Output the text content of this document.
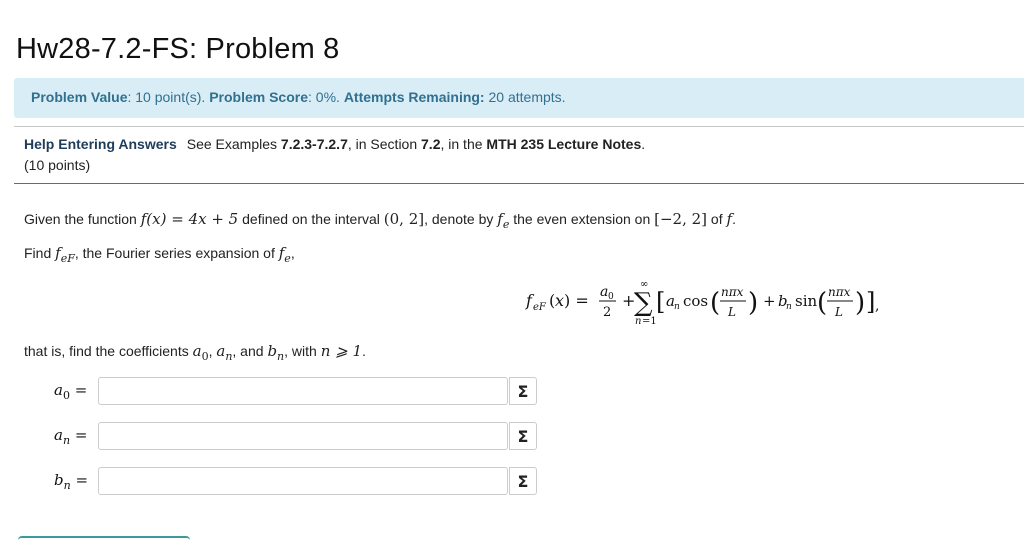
Hw28-7.2-FS: Problem 8
Problem Value: 10 point(s). Problem Score: 0%. Attempts Remaining: 20 attempts.
Help Entering Answers See Examples 7.2.3-7.2.7, in Section 7.2, in the MTH 235 Lecture Notes.
(10 points)
Given the function f(x) = 4x + 5 defined on the interval (0, 2], denote by $f_e$ the even extension on [−2, 2] of f.
Find $f_{eF}$, the Fourier series expansion of $f_e$,
f eF ( x ) = a 0
2
+
∑
∞
n =1
[ a n cos ( nπx
L ) + b
n sin ( nπx
L ) ] ,
that is, find the coefficients $a_0$, $a_n$, and $b_n$, with n ⩾ 1.
$a_0$ =	Σ
$a_n$ =	Σ
$b_n$ =	Σ
